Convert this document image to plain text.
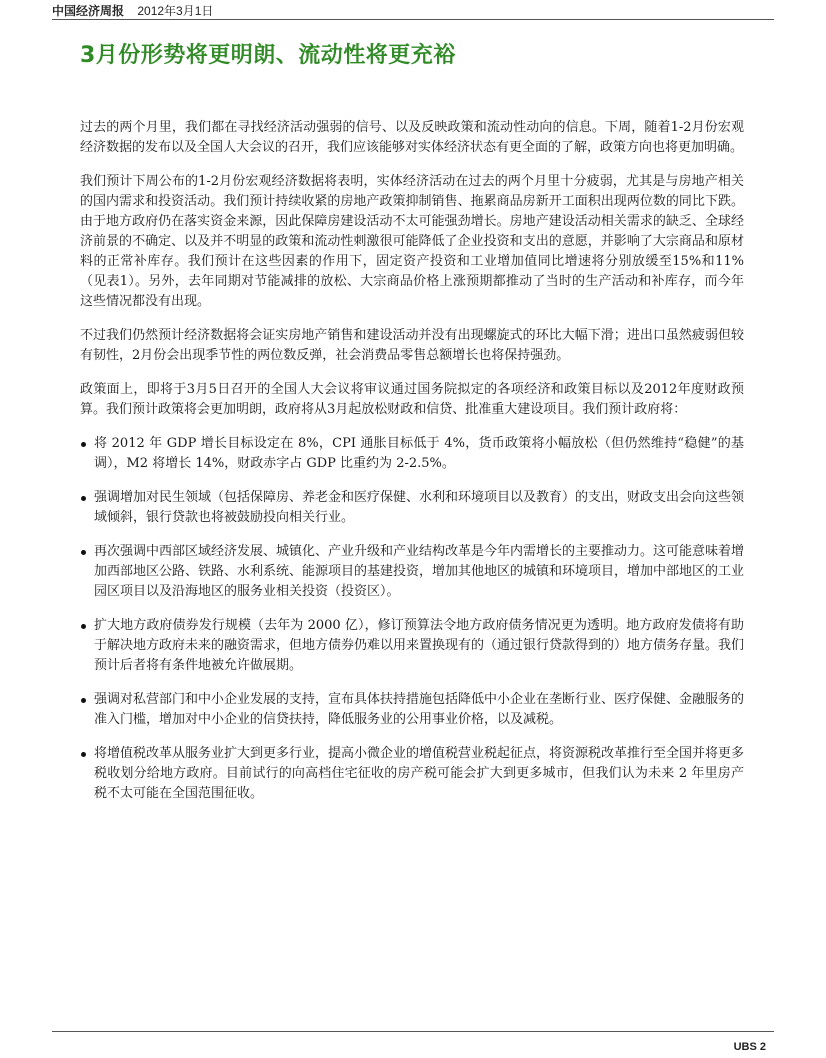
中国经济周报 2012年3月1日
3月份形势将更明朗、流动性将更充裕

过去的两个月里，我们都在寻找经济活动强弱的信号、以及反映政策和流动性动向的信息。下周，随着1-2月份宏观经济数据的发布以及全国人大会议的召开，我们应该能够对实体经济状态有更全面的了解，政策方向也将更加明确。

我们预计下周公布的1-2月份宏观经济数据将表明，实体经济活动在过去的两个月里十分疲弱，尤其是与房地产相关的国内需求和投资活动。我们预计持续收紧的房地产政策抑制销售、拖累商品房新开工面积出现两位数的同比下跌。由于地方政府仍在落实资金来源，因此保障房建设活动不太可能强劲增长。房地产建设活动相关需求的缺乏、全球经济前景的不确定、以及并不明显的政策和流动性刺激很可能降低了企业投资和支出的意愿，并影响了大宗商品和原材料的正常补库存。我们预计在这些因素的作用下，固定资产投资和工业增加值同比增速将分别放缓至15%和11%（见表1）。另外，去年同期对节能减排的放松、大宗商品价格上涨预期都推动了当时的生产活动和补库存，而今年这些情况都没有出现。

不过我们仍然预计经济数据将会证实房地产销售和建设活动并没有出现螺旋式的环比大幅下滑；进出口虽然疲弱但较有韧性，2月份会出现季节性的两位数反弹，社会消费品零售总额增长也将保持强劲。

政策面上，即将于3月5日召开的全国人大会议将审议通过国务院拟定的各项经济和政策目标以及2012年度财政预算。我们预计政策将会更加明朗，政府将从3月起放松财政和信贷、批准重大建设项目。我们预计政府将：

将 2012 年 GDP 增长目标设定在 8%，CPI 通胀目标低于 4%，货币政策将小幅放松（但仍然维持“稳健”的基调），M2 将增长 14%，财政赤字占 GDP 比重约为 2-2.5%。
强调增加对民生领域（包括保障房、养老金和医疗保健、水利和环境项目以及教育）的支出，财政支出会向这些领域倾斜，银行贷款也将被鼓励投向相关行业。
再次强调中西部区域经济发展、城镇化、产业升级和产业结构改革是今年内需增长的主要推动力。这可能意味着增加西部地区公路、铁路、水利系统、能源项目的基建投资，增加其他地区的城镇和环境项目，增加中部地区的工业园区项目以及沿海地区的服务业相关投资（投资区）。
扩大地方政府债券发行规模（去年为 2000 亿），修订预算法令地方政府债务情况更为透明。地方政府发债将有助于解决地方政府未来的融资需求，但地方债券仍难以用来置换现有的（通过银行贷款得到的）地方债务存量。我们预计后者将有条件地被允许做展期。
强调对私营部门和中小企业发展的支持，宣布具体扶持措施包括降低中小企业在垄断行业、医疗保健、金融服务的准入门槛，增加对中小企业的信贷扶持，降低服务业的公用事业价格，以及减税。
将增值税改革从服务业扩大到更多行业，提高小微企业的增值税营业税起征点，将资源税改革推行至全国并将更多税收划分给地方政府。目前试行的向高档住宅征收的房产税可能会扩大到更多城市，但我们认为未来 2 年里房产税不太可能在全国范围征收。
UBS 2
